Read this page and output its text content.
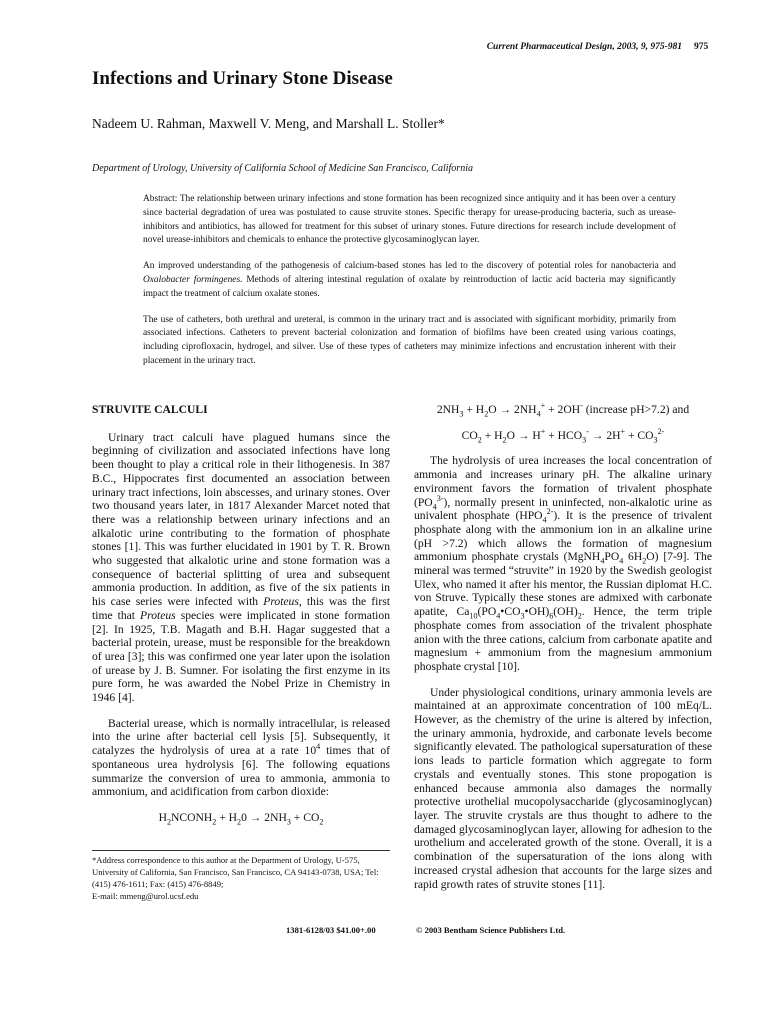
Current Pharmaceutical Design, 2003, 9, 975-981 975
Infections and Urinary Stone Disease
Nadeem U. Rahman, Maxwell V. Meng, and Marshall L. Stoller*
Department of Urology, University of California School of Medicine San Francisco, California

Abstract: The relationship between urinary infections and stone formation has been recognized since antiquity and it has been over a century since bacterial degradation of urea was postulated to cause struvite stones. Specific therapy for urease-producing bacteria, such as urease-inhibitors and antibiotics, has allowed for treatment for this subset of urinary stones. Future directions for research include development of novel urease-inhibitors and chemicals to enhance the protective glycosaminoglycan layer.

An improved understanding of the pathogenesis of calcium-based stones has led to the discovery of potential roles for nanobacteria and Oxalobacter formingenes. Methods of altering intestinal regulation of oxalate by reintroduction of lactic acid bacteria may significantly impact the treatment of calcium oxalate stones.

The use of catheters, both urethral and ureteral, is common in the urinary tract and is associated with significant morbidity, primarily from associated infections. Catheters to prevent bacterial colonization and formation of biofilms have been created using various coatings, including ciprofloxacin, hydrogel, and silver. Use of these types of catheters may minimize infections and encrustation inherent with their placement in the urinary tract.

STRUVITE CALCULI

Urinary tract calculi have plagued humans since the beginning of civilization and associated infections have long been thought to play a critical role in their lithogenesis. In 387 B.C., Hippocrates first documented an association between urinary tract infections, loin abscesses, and urinary stones. Over two thousand years later, in 1817 Alexander Marcet noted that there was a relationship between urinary infections and an alkalotic urine contributing to the formation of phosphate stones [1]. This was further elucidated in 1901 by T. R. Brown who suggested that alkalotic urine and stone formation was a consequence of bacterial splitting of urea and subsequent ammonia production. In addition, as five of the six patients in his case series were infected with Proteus, this was the first time that Proteus species were implicated in stone formation [2]. In 1925, T.B. Magath and B.H. Hagar suggested that a bacterial protein, urease, must be responsible for the breakdown of urea [3]; this was confirmed one year later upon the isolation of urease by J. B. Sumner. For isolating the first enzyme in its pure form, he was awarded the Nobel Prize in Chemistry in 1946 [4].

Bacterial urease, which is normally intracellular, is released into the urine after bacterial cell lysis [5]. Subsequently, it catalyzes the hydrolysis of urea at a rate $10^4$ times that of spontaneous urea hydrolysis [6]. The following equations summarize the conversion of urea to ammonia, ammonia to ammonium, and acidification from carbon dioxide:

$H_2NCONH_2 + H_20 \to 2NH_3 + CO_2$
$2NH_3 + H_2O \to 2NH_4^+ + 2OH^-$ (increase pH>7.2) and
$CO_2 + H_2O \to H^+ + HCO_3^- \to 2H^+ + CO_3^{2-}$

The hydrolysis of urea increases the local concentration of ammonia and increases urinary pH. The alkaline urinary environment favors the formation of trivalent phosphate $(PO_4^{3-})$, normally present in uninfected, non-alkalotic urine as univalent phosphate $(HPO_4^{2-})$. It is the presence of trivalent phosphate along with the ammonium ion in an alkaline urine (pH >7.2) which allows the formation of magnesium ammonium phosphate crystals ($MgNH_4PO_4$ $6H_2O$) [7-9]. The mineral was termed “struvite” in 1920 by the Swedish geologist Ulex, who named it after his mentor, the Russian diplomat H.C. von Struve. Typically these stones are admixed with carbonate apatite, $Ca_{10}(PO_4•CO_3•OH)_6(OH)_2$. Hence, the term triple phosphate comes from association of the trivalent phosphate anion with the three cations, calcium from carbonate apatite and magnesium + ammonium from the magnesium ammonium phosphate crystal [10].

Under physiological conditions, urinary ammonia levels are maintained at an approximate concentration of 100 mEq/L. However, as the chemistry of the urine is altered by infection, the urinary ammonia, hydroxide, and carbonate levels become significantly elevated. The pathological supersaturation of these ions leads to particle formation which aggregate to form crystals and eventually stones. This stone propogation is enhanced because ammonia also damages the normally protective urothelial mucopolysaccharide (glycosaminoglycan) layer. The struvite crystals are thus thought to adhere to the damaged glycosaminoglycan layer, allowing for adhesion to the urothelium and accelerated growth of the stone. Overall, it is a combination of the supersaturation of the ions along with increased crystal adhesion that accounts for the large sizes and rapid growth rates of struvite stones [11].

*Address correspondence to this author at the Department of Urology, U-575, University of California, San Francisco, San Francisco, CA 94143-0738, USA; Tel: (415) 476-1611; Fax: (415) 476-8849;
E-mail: mmeng@urol.ucsf.edu
1381-6128/03 $41.00+.00	© 2003 Bentham Science Publishers Ltd.
